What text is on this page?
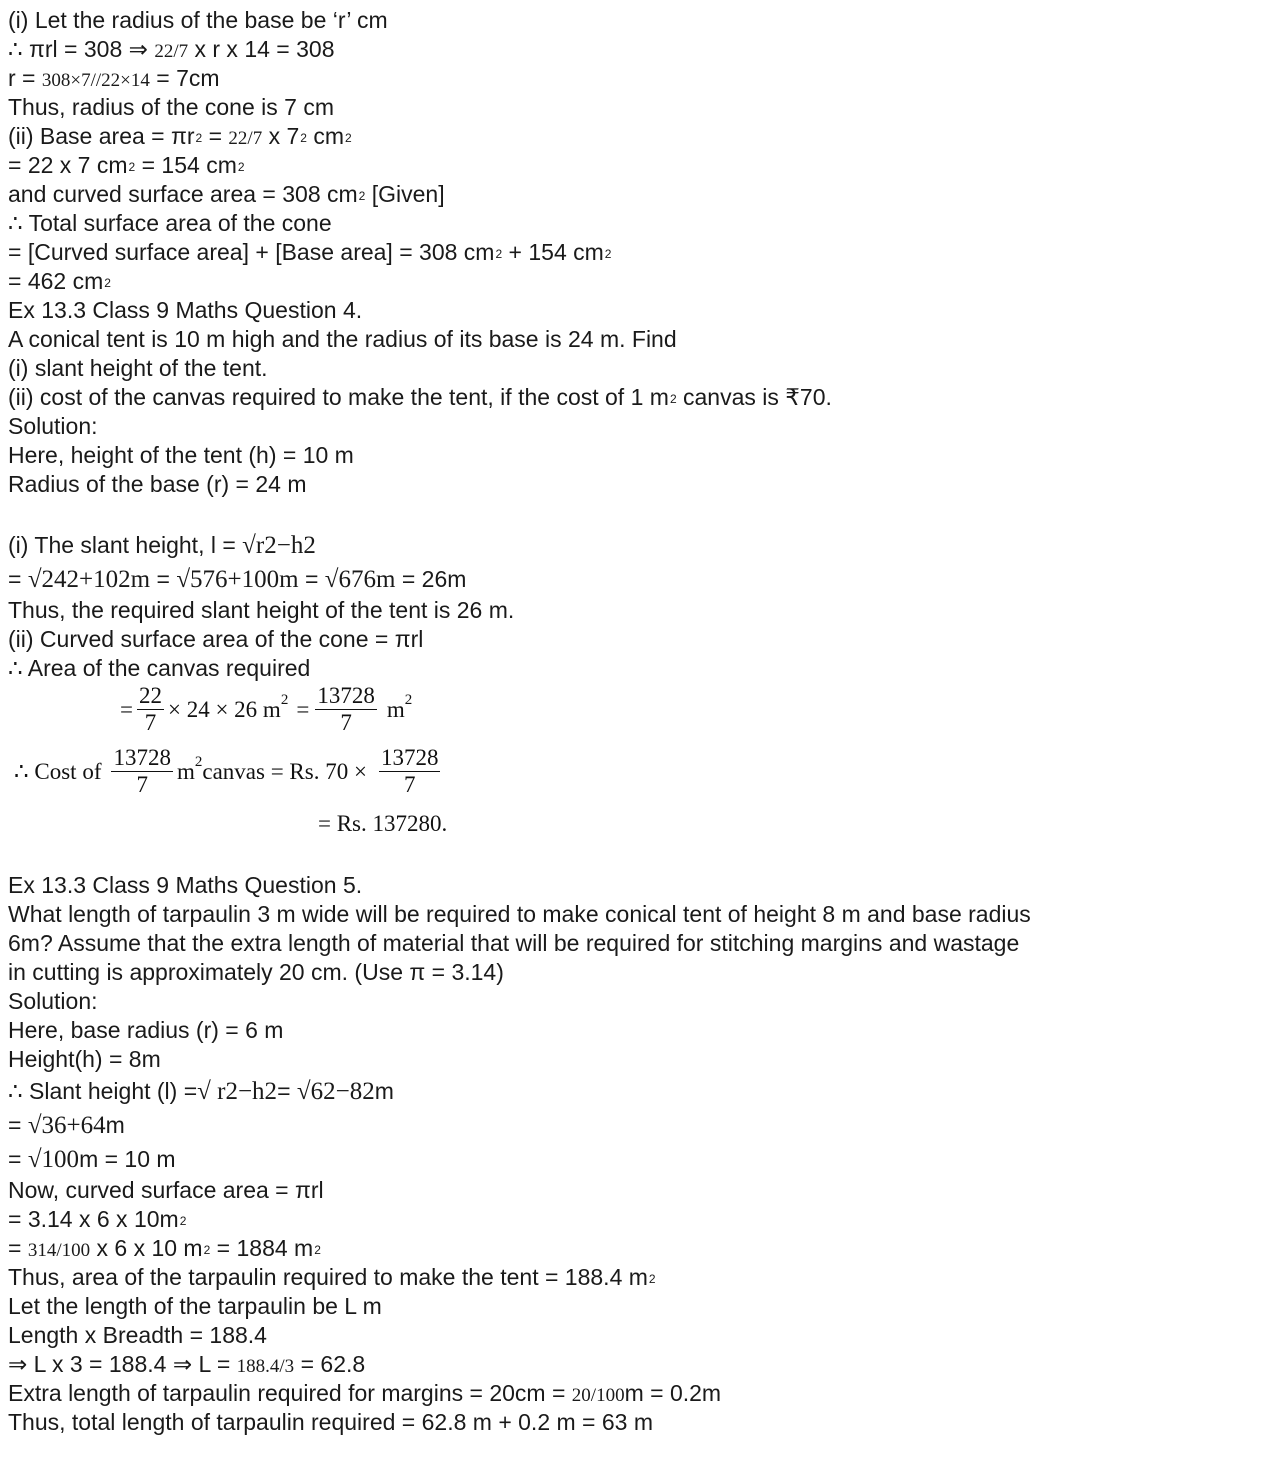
(i) Let the radius of the base be ‘r’ cm
∴ πrl = 308 ⇒ 22/7 x r x 14 = 308
r = 308×7//22×14 = 7cm
Thus, radius of the cone is 7 cm
(ii) Base area = $\pi r^2 = 22/7$ x $7^2$ $cm^2$
= 22 x 7 $cm^2 = 154$ $cm^2$
and curved surface area = 308 $cm^2$ [Given]
∴ Total surface area of the cone
= [Curved surface area] + [Base area] = 308 $cm^2 + 154$ $cm^2$
= 462 $cm^2$
Ex 13.3 Class 9 Maths Question 4.
A conical tent is 10 m high and the radius of its base is 24 m. Find
(i) slant height of the tent.
(ii) cost of the canvas required to make the tent, if the cost of 1 $m^2$ canvas is ₹70.
Solution:
Here, height of the tent (h) = 10 m
Radius of the base (r) = 24 m
(i) The slant height, l = √r2−h2
= √242+102m = √576+100m = √676m = 26m
Thus, the required slant height of the tent is 26 m.
(ii) Curved surface area of the cone = πrl
∴ Area of the canvas required
= $\frac{22}{7} \times 24 \times 26$ m $2 = \frac{13728}{7}$ m 2
∴ Cost of $\frac{13728}{7}$ m 2 canvas = Rs. $70 \times \frac{13728}{7}$
= Rs. 137280.
Ex 13.3 Class 9 Maths Question 5.
What length of tarpaulin 3 m wide will be required to make conical tent of height 8 m and base radius
6m? Assume that the extra length of material that will be required for stitching margins and wastage
in cutting is approximately 20 cm. (Use π = 3.14)
Solution:
Here, base radius (r) = 6 m
Height(h) = 8m
∴ Slant height (l) =√ r2−h2= √62−82m
= √36+64m
= √100m = 10 m
Now, curved surface area = πrl
= 3.14 x 6 x $10m^2$
= 314/100 x 6 x 10 $m^2 = 1884$ $m^2$
Thus, area of the tarpaulin required to make the tent = 188.4 $m^2$
Let the length of the tarpaulin be L m
Length x Breadth = 188.4
⇒ L x 3 = 188.4 ⇒ L = 188.4/3 = 62.8
Extra length of tarpaulin required for margins = 20cm = 20/100m = 0.2m
Thus, total length of tarpaulin required = 62.8 m + 0.2 m = 63 m
